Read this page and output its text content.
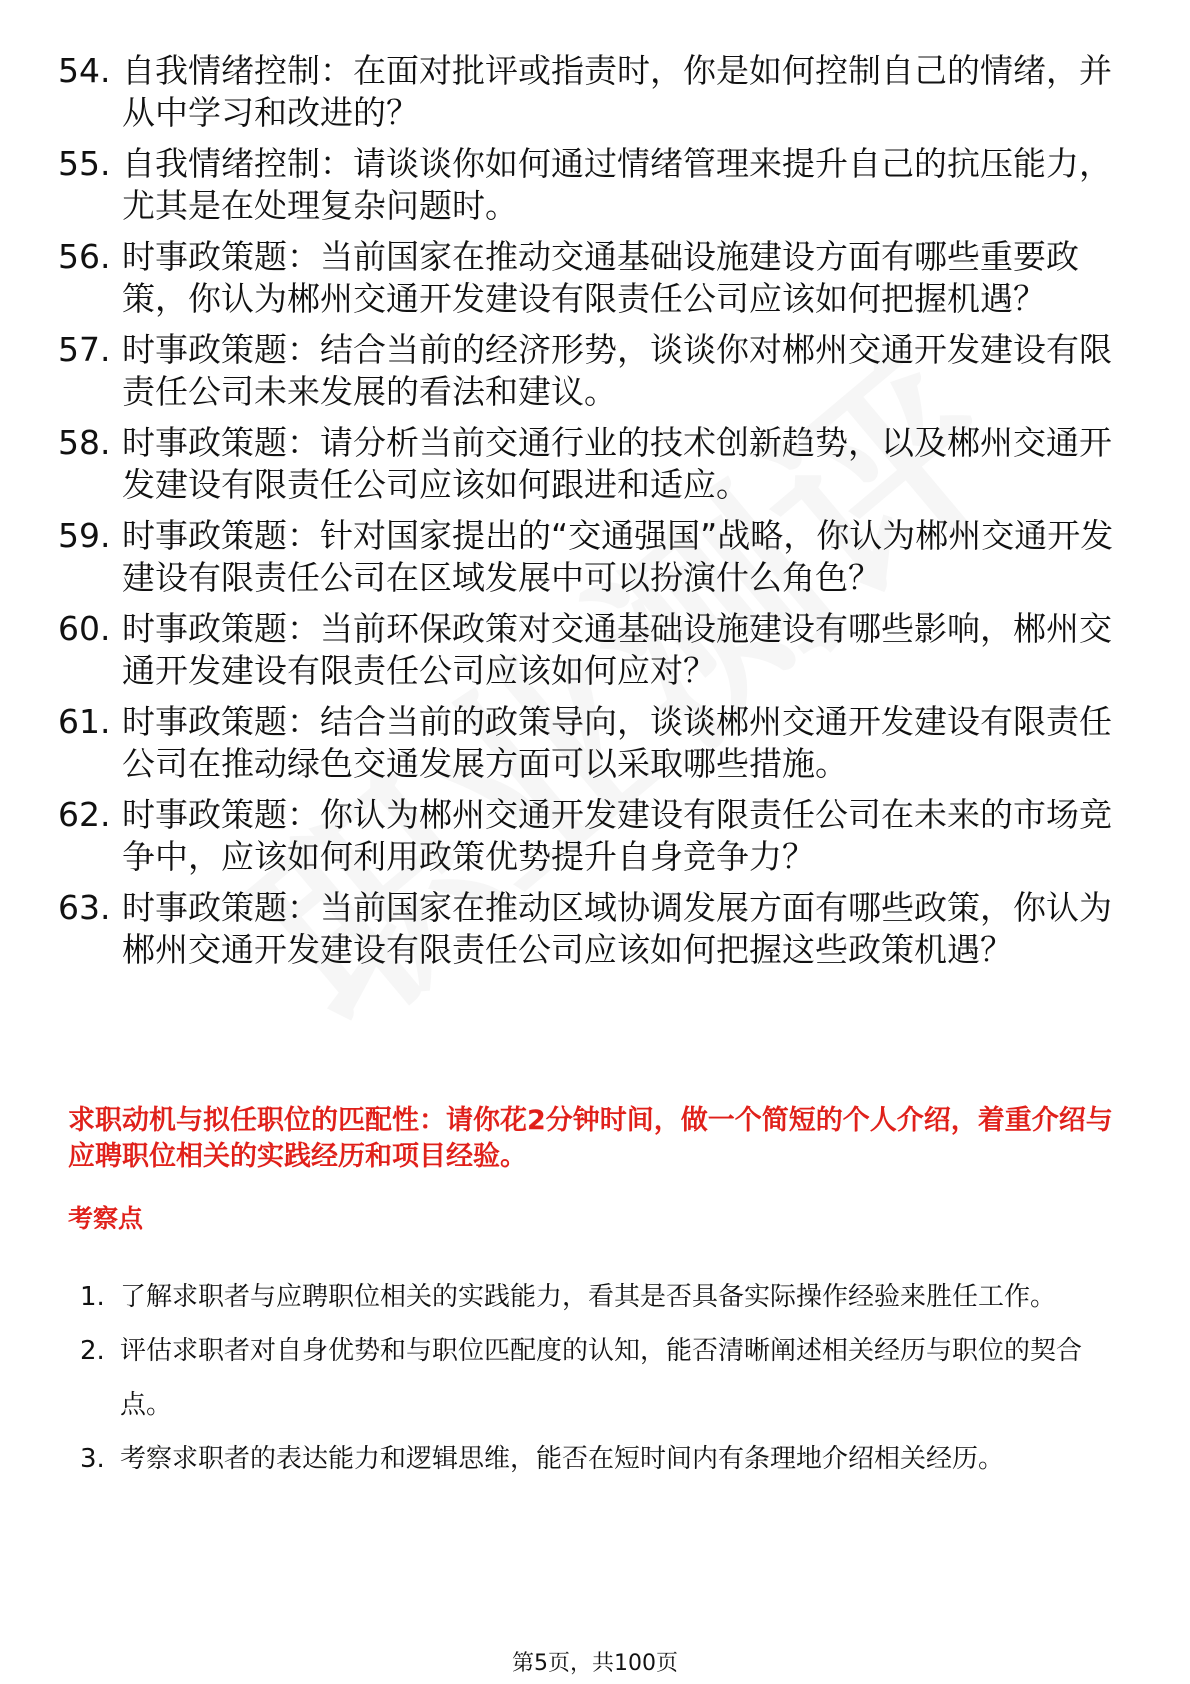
54. 自我情绪控制：在面对批评或指责时，你是如何控制自己的情绪，并从中学习和改进的？
55. 自我情绪控制：请谈谈你如何通过情绪管理来提升自己的抗压能力，尤其是在处理复杂问题时。
56. 时事政策题：当前国家在推动交通基础设施建设方面有哪些重要政策，你认为郴州交通开发建设有限责任公司应该如何把握机遇？
57. 时事政策题：结合当前的经济形势，谈谈你对郴州交通开发建设有限责任公司未来发展的看法和建议。
58. 时事政策题：请分析当前交通行业的技术创新趋势，以及郴州交通开发建设有限责任公司应该如何跟进和适应。
59. 时事政策题：针对国家提出的“交通强国”战略，你认为郴州交通开发建设有限责任公司在区域发展中可以扮演什么角色？
60. 时事政策题：当前环保政策对交通基础设施建设有哪些影响，郴州交通开发建设有限责任公司应该如何应对？
61. 时事政策题：结合当前的政策导向，谈谈郴州交通开发建设有限责任公司在推动绿色交通发展方面可以采取哪些措施。
62. 时事政策题：你认为郴州交通开发建设有限责任公司在未来的市场竞争中，应该如何利用政策优势提升自身竞争力？
63. 时事政策题：当前国家在推动区域协调发展方面有哪些政策，你认为郴州交通开发建设有限责任公司应该如何把握这些政策机遇？
求职动机与拟任职位的匹配性：请你花2分钟时间，做一个简短的个人介绍，着重介绍与应聘职位相关的实践经历和项目经验。
考察点
1. 了解求职者与应聘职位相关的实践能力，看其是否具备实际操作经验来胜任工作。
2. 评估求职者对自身优势和与职位匹配度的认知，能否清晰阐述相关经历与职位的契合点。
3. 考察求职者的表达能力和逻辑思维，能否在短时间内有条理地介绍相关经历。
第5页，共100页
